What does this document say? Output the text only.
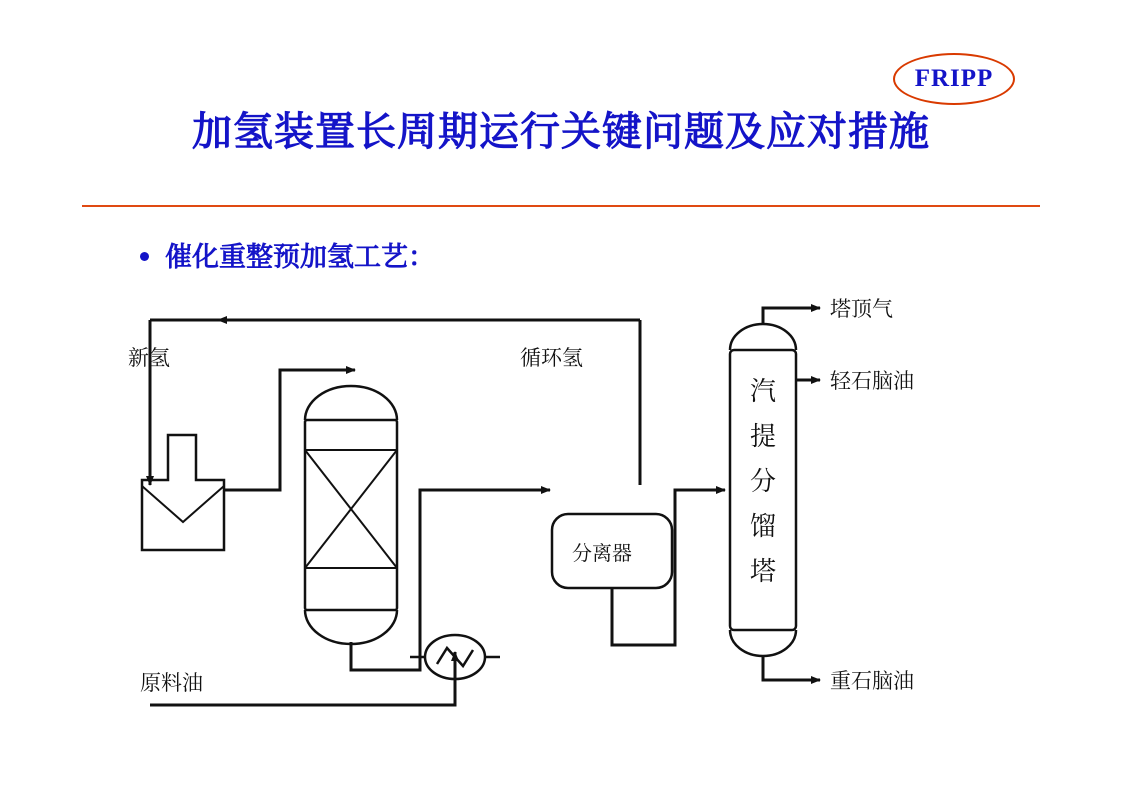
FRIPP
加氢装置长周期运行关键问题及应对措施
催化重整预加氢工艺：
新氢	循环氢
原料油
分离器
汽
提
分
馏
塔
塔顶气
轻石脑油
重石脑油
